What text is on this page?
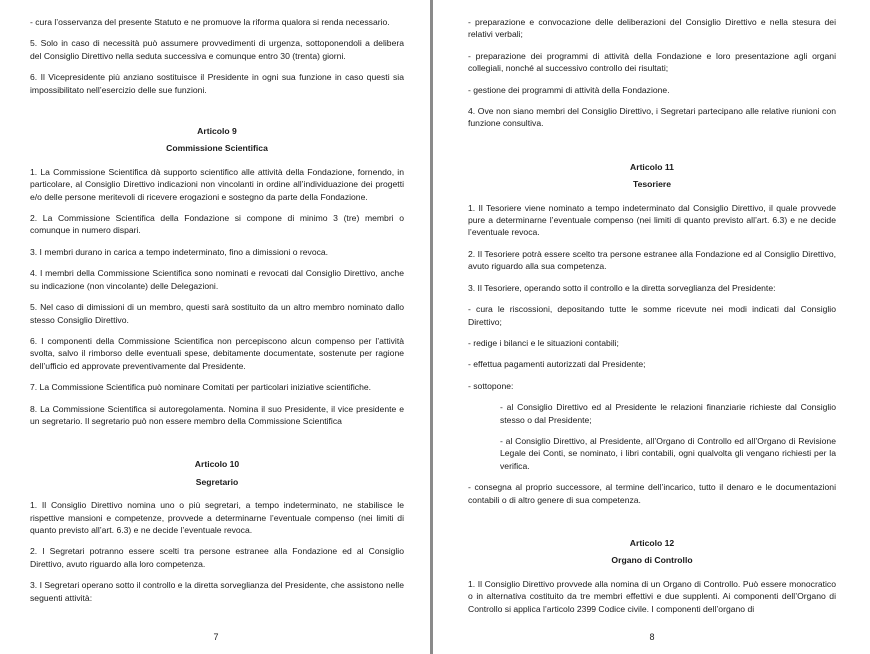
- cura l’osservanza del presente Statuto e ne promuove la riforma qualora si renda necessario.

5. Solo in caso di necessità può assumere provvedimenti di urgenza, sottoponendoli a delibera del Consiglio Direttivo nella seduta successiva e comunque entro 30 (trenta) giorni.

6. Il Vicepresidente più anziano sostituisce il Presidente in ogni sua funzione in caso questi sia impossibilitato nell’esercizio delle sue funzioni.

Articolo 9
Commissione Scientifica

1. La Commissione Scientifica dà supporto scientifico alle attività della Fondazione, fornendo, in particolare, al Consiglio Direttivo indicazioni non vincolanti in ordine all’individuazione dei progetti e/o delle persone meritevoli di ricevere erogazioni e sostegno da parte della Fondazione.

2. La Commissione Scientifica della Fondazione si compone di minimo 3 (tre) membri o comunque in numero dispari.

3. I membri durano in carica a tempo indeterminato, fino a dimissioni o revoca.

4. I membri della Commissione Scientifica sono nominati e revocati dal Consiglio Direttivo, anche su indicazione (non vincolante) delle Delegazioni.

5. Nel caso di dimissioni di un membro, questi sarà sostituito da un altro membro nominato dallo stesso Consiglio Direttivo.

6. I componenti della Commissione Scientifica non percepiscono alcun compenso per l’attività svolta, salvo il rimborso delle eventuali spese, debitamente documentate, sostenute per ragione dell’ufficio ed approvate preventivamente dal Presidente.

7. La Commissione Scientifica può nominare Comitati per particolari iniziative scientifiche.

8. La Commissione Scientifica si autoregolamenta. Nomina il suo Presidente, il vice presidente e un segretario. Il segretario può non essere membro della Commissione Scientifica

Articolo 10
Segretario

1. Il Consiglio Direttivo nomina uno o più segretari, a tempo indeterminato, ne stabilisce le rispettive mansioni e competenze, provvede a determinarne l’eventuale compenso (nei limiti di quanto previsto all’art. 6.3) e ne decide l’eventuale revoca.

2. I Segretari potranno essere scelti tra persone estranee alla Fondazione ed al Consiglio Direttivo, avuto riguardo alla loro competenza.

3. I Segretari operano sotto il controllo e la diretta sorveglianza del Presidente, che assistono nelle seguenti attività:

7

- preparazione e convocazione delle deliberazioni del Consiglio Direttivo e nella stesura dei relativi verbali;

- preparazione dei programmi di attività della Fondazione e loro presentazione agli organi collegiali, nonché al successivo controllo dei risultati;

- gestione dei programmi di attività della Fondazione.

4. Ove non siano membri del Consiglio Direttivo, i Segretari partecipano alle relative riunioni con funzione consultiva.

Articolo 11
Tesoriere

1. Il Tesoriere viene nominato a tempo indeterminato dal Consiglio Direttivo, il quale provvede pure a determinarne l’eventuale compenso (nei limiti di quanto previsto all’art. 6.3) e ne decide l’eventuale revoca.

2. Il Tesoriere potrà essere scelto tra persone estranee alla Fondazione ed al Consiglio Direttivo, avuto riguardo alla sua competenza.

3. Il Tesoriere, operando sotto il controllo e la diretta sorveglianza del Presidente:

- cura le riscossioni, depositando tutte le somme ricevute nei modi indicati dal Consiglio Direttivo;

- redige i bilanci e le situazioni contabili;

- effettua pagamenti autorizzati dal Presidente;

- sottopone:

- al Consiglio Direttivo ed al Presidente le relazioni finanziarie richieste dal Consiglio stesso o dal Presidente;

- al Consiglio Direttivo, al Presidente, all’Organo di Controllo ed all’Organo di Revisione Legale dei Conti, se nominato, i libri contabili, ogni qualvolta gli vengano richiesti per la verifica.

- consegna al proprio successore, al termine dell’incarico, tutto il denaro e le documentazioni contabili o di altro genere di sua competenza.

Articolo 12
Organo di Controllo

1. Il Consiglio Direttivo provvede alla nomina di un Organo di Controllo. Può essere monocratico o in alternativa costituito da tre membri effettivi e due supplenti. Ai componenti dell’Organo di Controllo si applica l’articolo 2399 Codice civile. I componenti dell’organo di

8
